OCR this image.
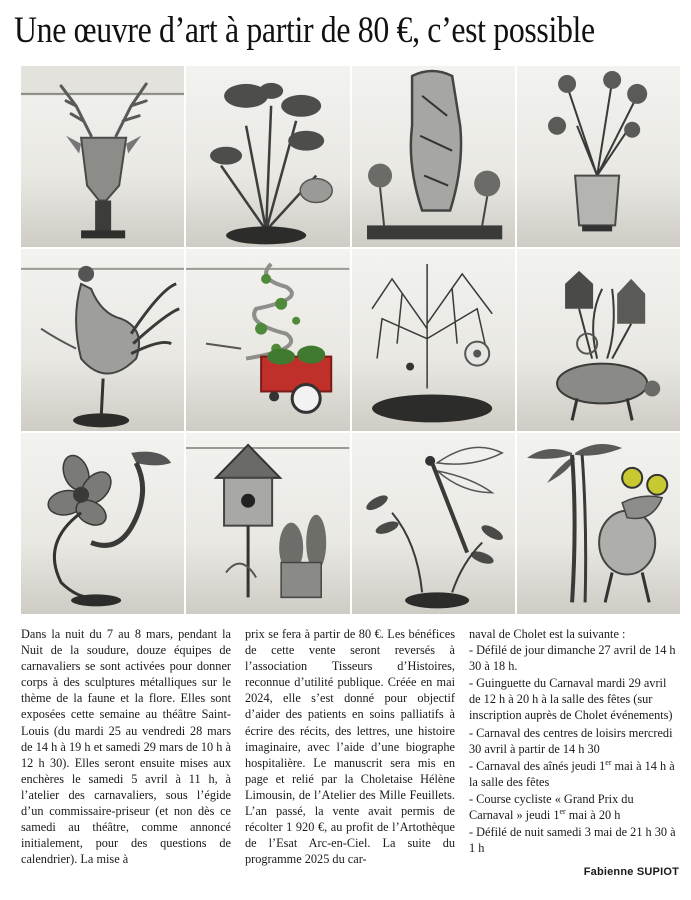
Une œuvre d’art à partir de 80 €, c’est possible

Dans la nuit du 7 au 8 mars, pendant la Nuit de la soudure, douze équipes de carnavaliers se sont activées pour donner corps à des sculptures métalliques sur le thème de la faune et la flore. Elles sont exposées cette semaine au théâtre Saint-Louis (du mardi 25 au vendredi 28 mars de 14 h à 19 h et samedi 29 mars de 10 h à 12 h 30). Elles seront ensuite mises aux enchères le samedi 5 avril à 11 h, à l’atelier des carnavaliers, sous l’égide d’un commissaire-priseur (et non dès ce samedi au théâtre, comme annoncé initialement, pour des questions de calendrier). La mise à

prix se fera à partir de 80 €. Les bénéfices de cette vente seront reversés à l’association Tisseurs d’Histoires, reconnue d’utilité publique. Créée en mai 2024, elle s’est donné pour objectif d’aider des patients en soins palliatifs à écrire des récits, des lettres, une histoire imaginaire, avec l’aide d’une biographe hospitalière. Le manuscrit sera mis en page et relié par la Choletaise Hélène Limousin, de l’Atelier des Mille Feuillets. L’an passé, la vente avait permis de récolter 1 920 €, au profit de l’Artothèque de l’Esat Arc-en-Ciel. La suite du programme 2025 du car-

naval de Cholet est la suivante :

- Défilé de jour dimanche 27 avril de 14 h 30 à 18 h.

- Guinguette du Carnaval mardi 29 avril de 12 h à 20 h à la salle des fêtes (sur inscription auprès de Cholet événements)

- Carnaval des centres de loisirs mercredi 30 avril à partir de 14 h 30

- Carnaval des aînés jeudi 1er mai à 14 h à la salle des fêtes

- Course cycliste « Grand Prix du Carnaval » jeudi 1er mai à 20 h

- Défilé de nuit samedi 3 mai de 21 h 30 à 1 h

Fabienne SUPIOT
